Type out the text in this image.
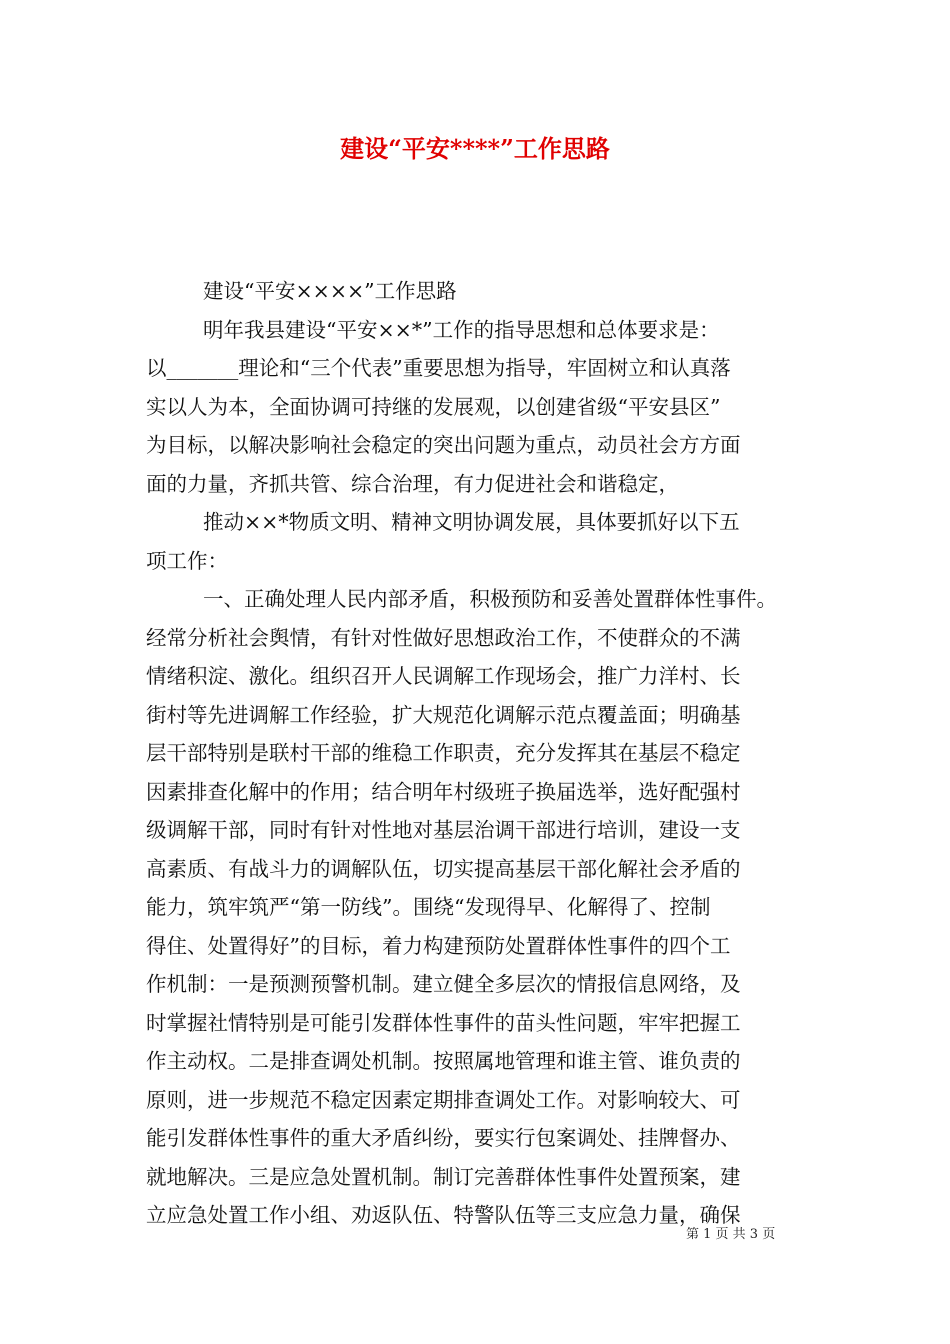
建设“平安****”工作思路
建设“平安××××”工作思路
明年我县建设“平安××*”工作的指导思想和总体要求是：
以_______理论和“三个代表”重要思想为指导，牢固树立和认真落
实以人为本，全面协调可持继的发展观，以创建省级“平安县区”
为目标，以解决影响社会稳定的突出问题为重点，动员社会方方面
面的力量，齐抓共管、综合治理，有力促进社会和谐稳定，
推动××*物质文明、精神文明协调发展，具体要抓好以下五
项工作：
一、正确处理人民内部矛盾，积极预防和妥善处置群体性事件。
经常分析社会舆情，有针对性做好思想政治工作，不使群众的不满
情绪积淀、激化。组织召开人民调解工作现场会，推广力洋村、长
街村等先进调解工作经验，扩大规范化调解示范点覆盖面；明确基
层干部特别是联村干部的维稳工作职责，充分发挥其在基层不稳定
因素排查化解中的作用；结合明年村级班子换届选举，选好配强村
级调解干部，同时有针对性地对基层治调干部进行培训，建设一支
高素质、有战斗力的调解队伍，切实提高基层干部化解社会矛盾的
能力，筑牢筑严“第一防线”。围绕“发现得早、化解得了、控制
得住、处置得好”的目标，着力构建预防处置群体性事件的四个工
作机制：一是预测预警机制。建立健全多层次的情报信息网络，及
时掌握社情特别是可能引发群体性事件的苗头性问题，牢牢把握工
作主动权。二是排查调处机制。按照属地管理和谁主管、谁负责的
原则，进一步规范不稳定因素定期排查调处工作。对影响较大、可
能引发群体性事件的重大矛盾纠纷，要实行包案调处、挂牌督办、
就地解决。三是应急处置机制。制订完善群体性事件处置预案，建
立应急处置工作小组、劝返队伍、特警队伍等三支应急力量，确保
第 1 页 共 3 页
